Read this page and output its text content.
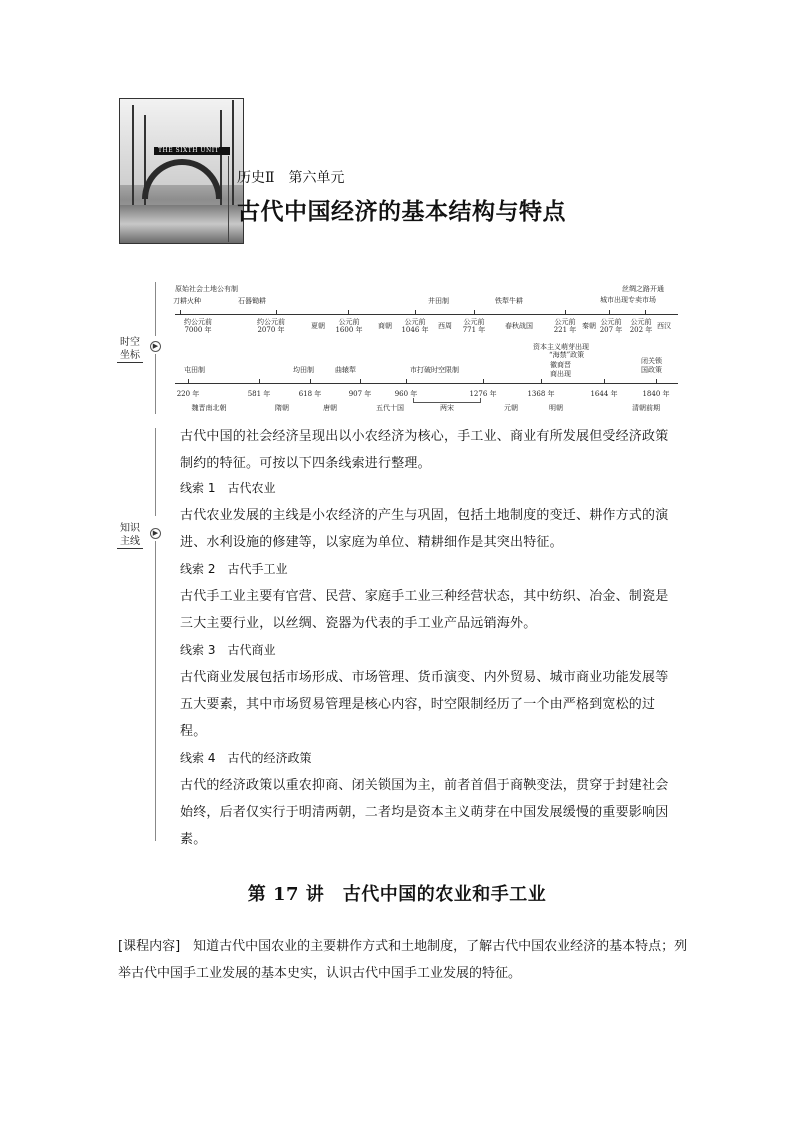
THE SIXTH UNIT
历史Ⅱ　第六单元
古代中国经济的基本结构与特点
时空
坐标
▶
原始社会土地公有制
刀耕火种	石器锄耕	井田制	铁犁牛耕
丝绸之路开通
城市出现专卖市场
约公元前
7000 年
约公元前
2070 年	夏朝	公元前
1600 年 商朝	公元前
1046 年 西周 公元前
771 年	春秋战国	公元前
221 年 秦朝 公元前
207 年
公元前
202 年 西汉
屯田制	均田制	曲辕犁	市打破时空限制
资本主义萌芽出现
“海禁”政策
徽商晋
商出现
闭关锁
国政策
220 年	581 年	618 年	907 年	960 年	1276 年	1368 年	1644 年	1840 年
魏晋南北朝	隋朝	唐朝	五代十国	两宋	元朝	明朝	清朝前期
知识
主线
▶
古代中国的社会经济呈现出以小农经济为核心，手工业、商业有所发展但受经济政策制约的特征。可按以下四条线索进行整理。
线索 1　古代农业
古代农业发展的主线是小农经济的产生与巩固，包括土地制度的变迁、耕作方式的演进、水利设施的修建等，以家庭为单位、精耕细作是其突出特征。
线索 2　古代手工业
古代手工业主要有官营、民营、家庭手工业三种经营状态，其中纺织、冶金、制瓷是三大主要行业，以丝绸、瓷器为代表的手工业产品远销海外。
线索 3　古代商业
古代商业发展包括市场形成、市场管理、货币演变、内外贸易、城市商业功能发展等五大要素，其中市场贸易管理是核心内容，时空限制经历了一个由严格到宽松的过程。
线索 4　古代的经济政策
古代的经济政策以重农抑商、闭关锁国为主，前者首倡于商鞅变法，贯穿于封建社会始终，后者仅实行于明清两朝，二者均是资本主义萌芽在中国发展缓慢的重要影响因素。
第 17 讲　古代中国的农业和手工业
[课程内容]　知道古代中国农业的主要耕作方式和土地制度，了解古代中国农业经济的基本特点；列举古代中国手工业发展的基本史实，认识古代中国手工业发展的特征。
